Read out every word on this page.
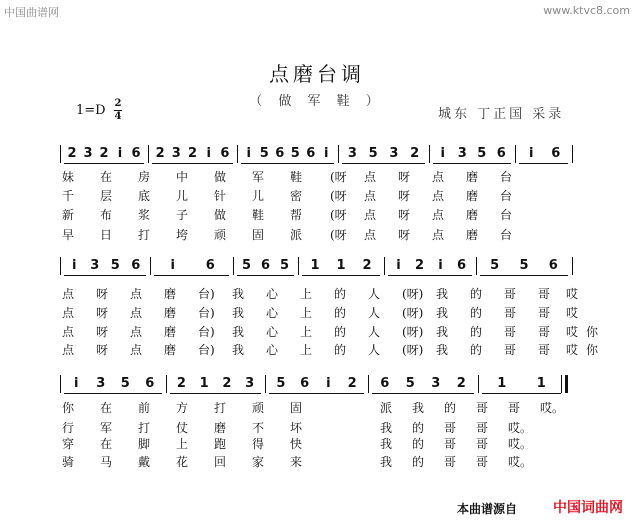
中国曲谱网	www.ktvc8.com
点磨台调
（ 做 军 鞋 ）
1=D 2
4	城东 丁正国 采录
2 3 2 i 6 2 3 2 i 6	i 5 6 5 6 i	3 5 3 2	i 3 5 6	i	6
妹 在 房 中 做 军 鞋 (呀 点 呀 点 磨 台
千 层 底 儿 针 儿 密 (呀 点 呀 点 磨 台
新 布 浆 子 做 鞋 帮 (呀 点 呀 点 磨 台
早 日 打 垮 顽 固 派 (呀 点 呀 点 磨 台
i	3 5 6	i	6	5 6 5	1	1	2	i	2	i	6	5	5	6
点 呀 点 磨 台) 我 心 上 的 人 (呀) 我 的 哥 哥 哎
点 呀 点 磨 台) 我 心 上 的 人 (呀) 我 的 哥 哥 哎
点 呀 点 磨 台) 我 心 上 的 人 (呀) 我 的 哥 哥 哎 你
点 呀 点 磨 台) 我 心 上 的 人 (呀) 我 的 哥 哥 哎 你
i	3	5	6	2	1	2	3	5	6	i	2	6	5	3	2	1	1
你 在 前 方 打 顽 固	派 我 的 哥 哥 哎。
行 军 打 仗 磨 不 坏	我 的 哥 哥 哎。
穿 在 脚 上 跑 得 快	我 的 哥 哥 哎。
骑 马 戴 花 回 家 来	我 的 哥 哥 哎。
本曲谱源自	中国词曲网
